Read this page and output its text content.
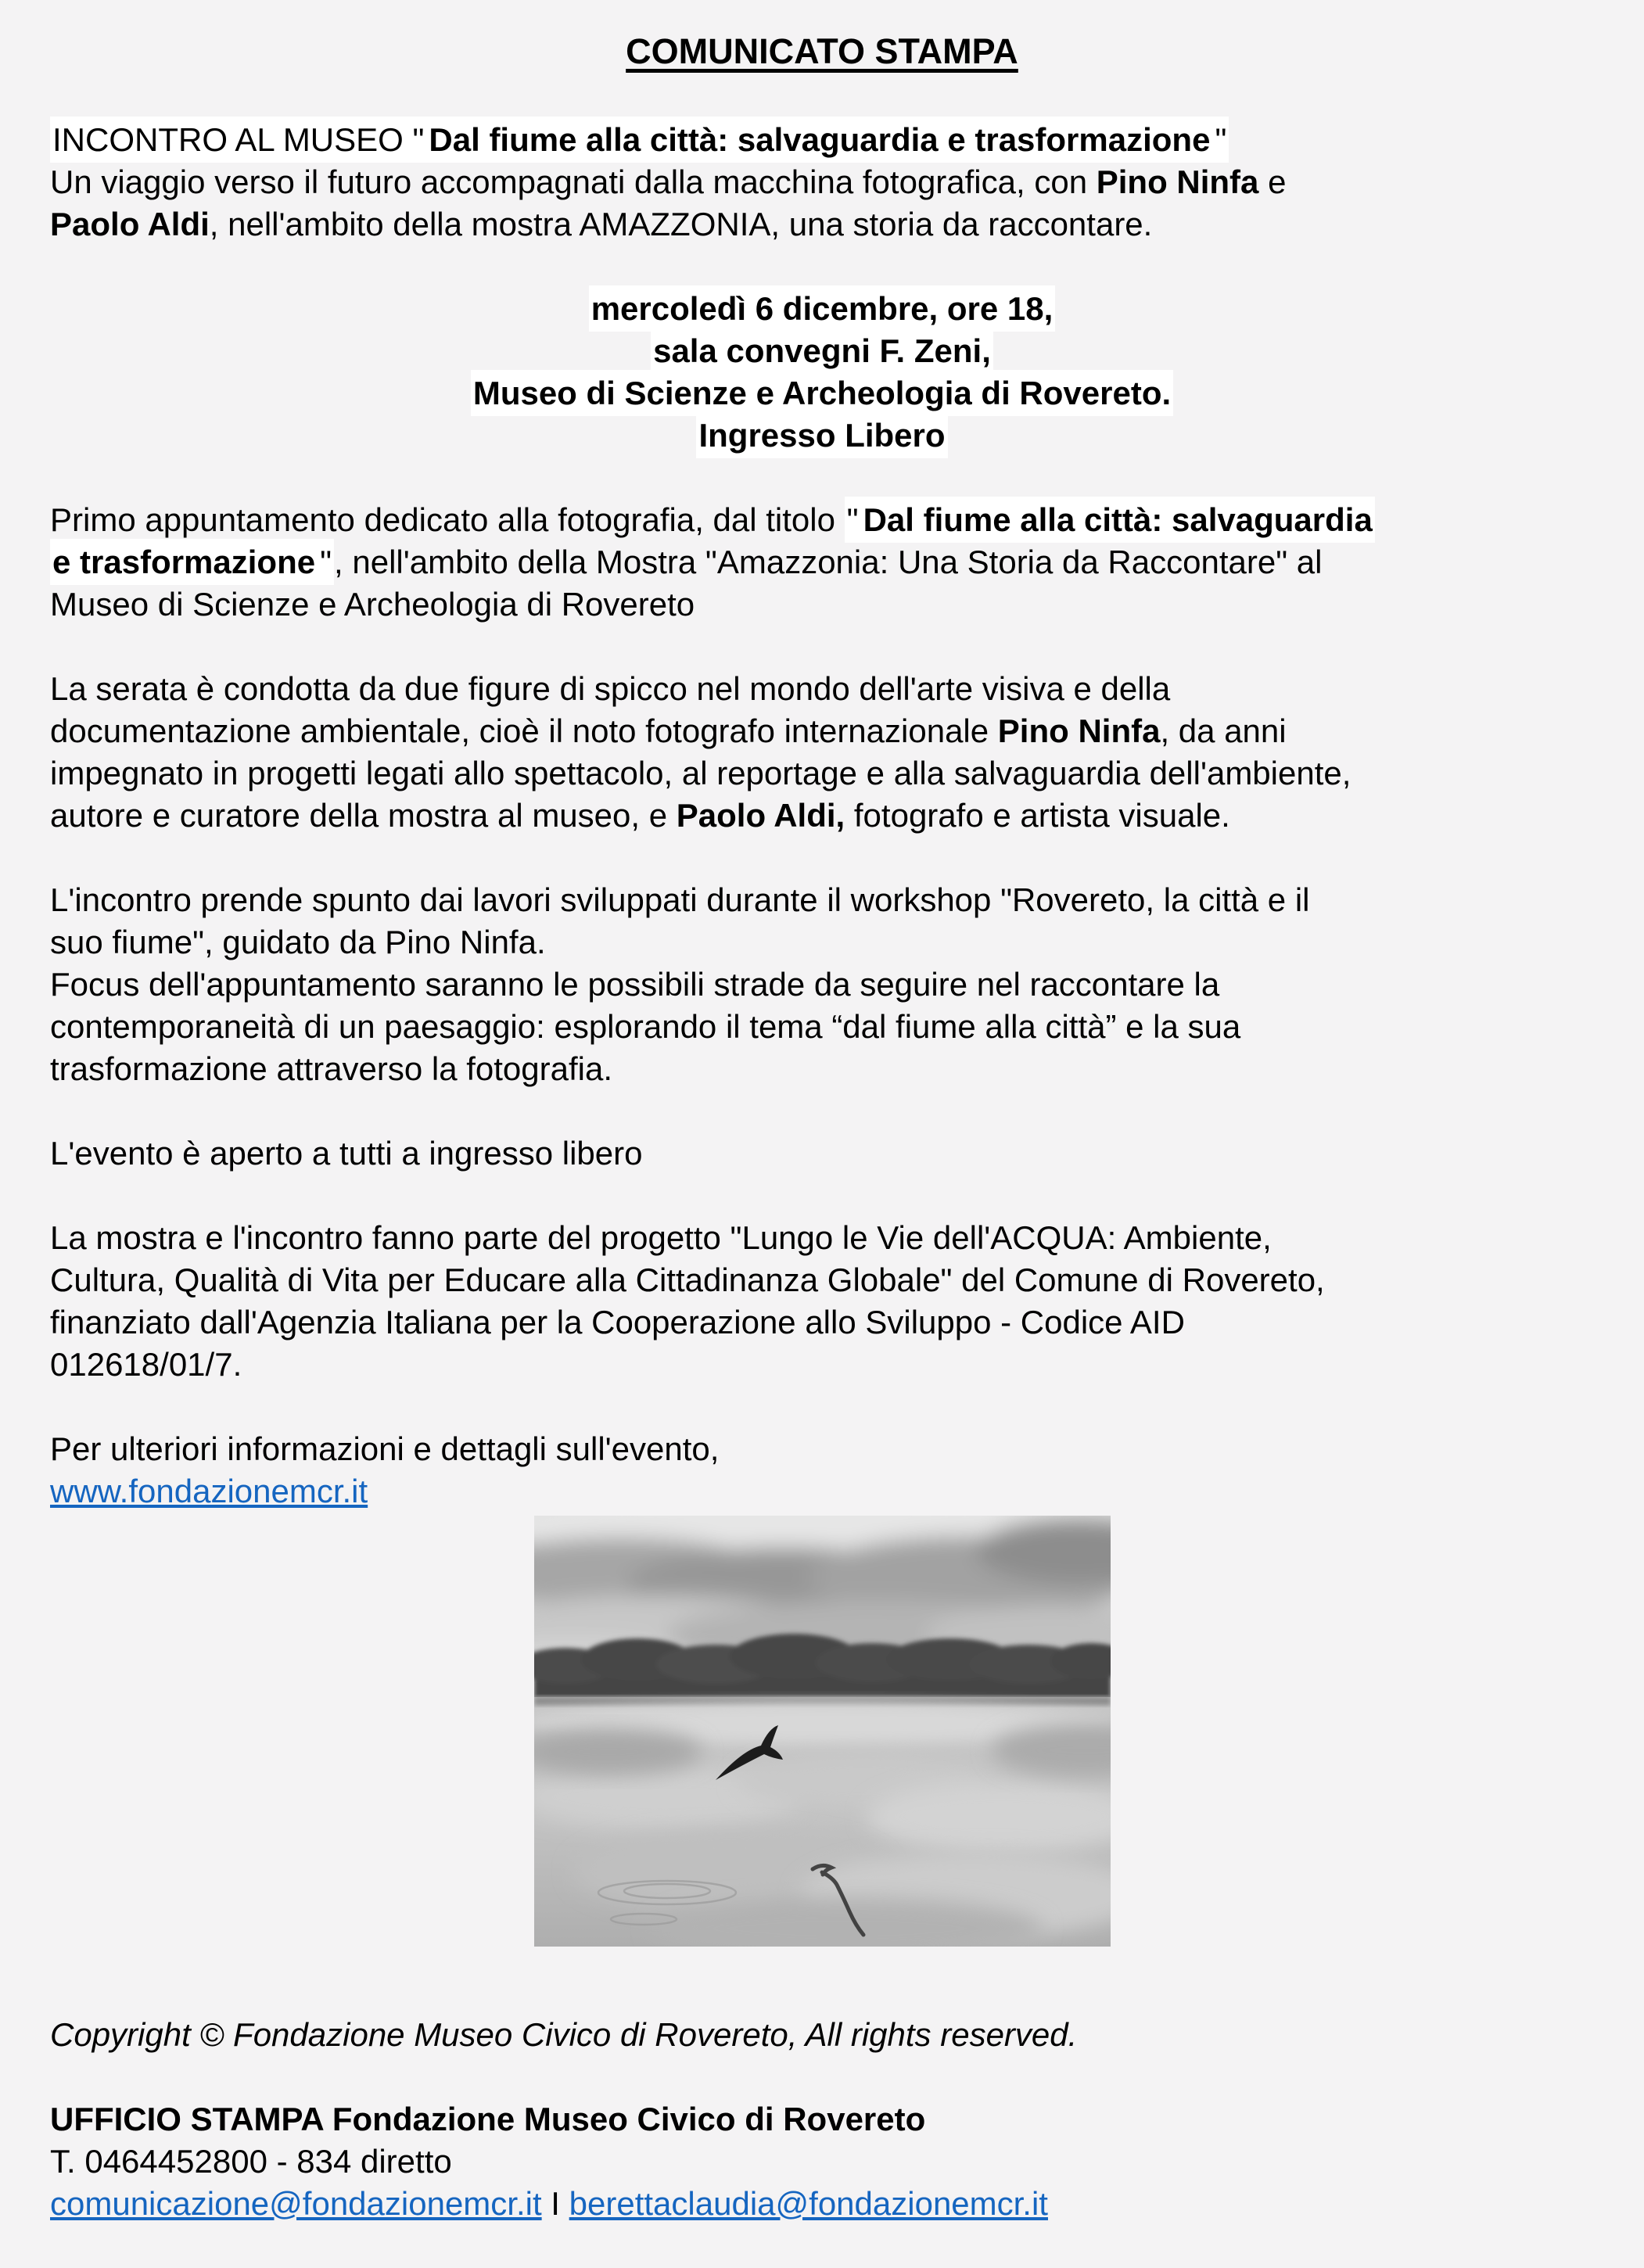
COMUNICATO STAMPA
INCONTRO AL MUSEO " Dal fiume alla città: salvaguardia e trasformazione "
Un viaggio verso il futuro accompagnati dalla macchina fotografica, con Pino Ninfa e
Paolo Aldi, nell'ambito della mostra AMAZZONIA, una storia da raccontare.
mercoledì 6 dicembre, ore 18,
sala convegni F. Zeni,
Museo di Scienze e Archeologia di Rovereto.
Ingresso Libero
Primo appuntamento dedicato alla fotografia, dal titolo " Dal fiume alla città: salvaguardia
e trasformazione ", nell'ambito della Mostra "Amazzonia: Una Storia da Raccontare" al
Museo di Scienze e Archeologia di Rovereto
La serata è condotta da due figure di spicco nel mondo dell'arte visiva e della
documentazione ambientale, cioè il noto fotografo internazionale Pino Ninfa, da anni
impegnato in progetti legati allo spettacolo, al reportage e alla salvaguardia dell'ambiente,
autore e curatore della mostra al museo, e Paolo Aldi, fotografo e artista visuale.
L'incontro prende spunto dai lavori sviluppati durante il workshop "Rovereto, la città e il
suo fiume", guidato da Pino Ninfa.
Focus dell'appuntamento saranno le possibili strade da seguire nel raccontare la
contemporaneità di un paesaggio: esplorando il tema “dal fiume alla città” e la sua
trasformazione attraverso la fotografia.
L'evento è aperto a tutti a ingresso libero
La mostra e l'incontro fanno parte del progetto "Lungo le Vie dell'ACQUA: Ambiente,
Cultura, Qualità di Vita per Educare alla Cittadinanza Globale" del Comune di Rovereto,
finanziato dall'Agenzia Italiana per la Cooperazione allo Sviluppo - Codice AID
012618/01/7.
Per ulteriori informazioni e dettagli sull'evento,
www.fondazionemcr.it
Copyright © Fondazione Museo Civico di Rovereto, All rights reserved.
UFFICIO STAMPA Fondazione Museo Civico di Rovereto
T. 0464452800 - 834 diretto
comunicazione@fondazionemcr.it I berettaclaudia@fondazionemcr.it
